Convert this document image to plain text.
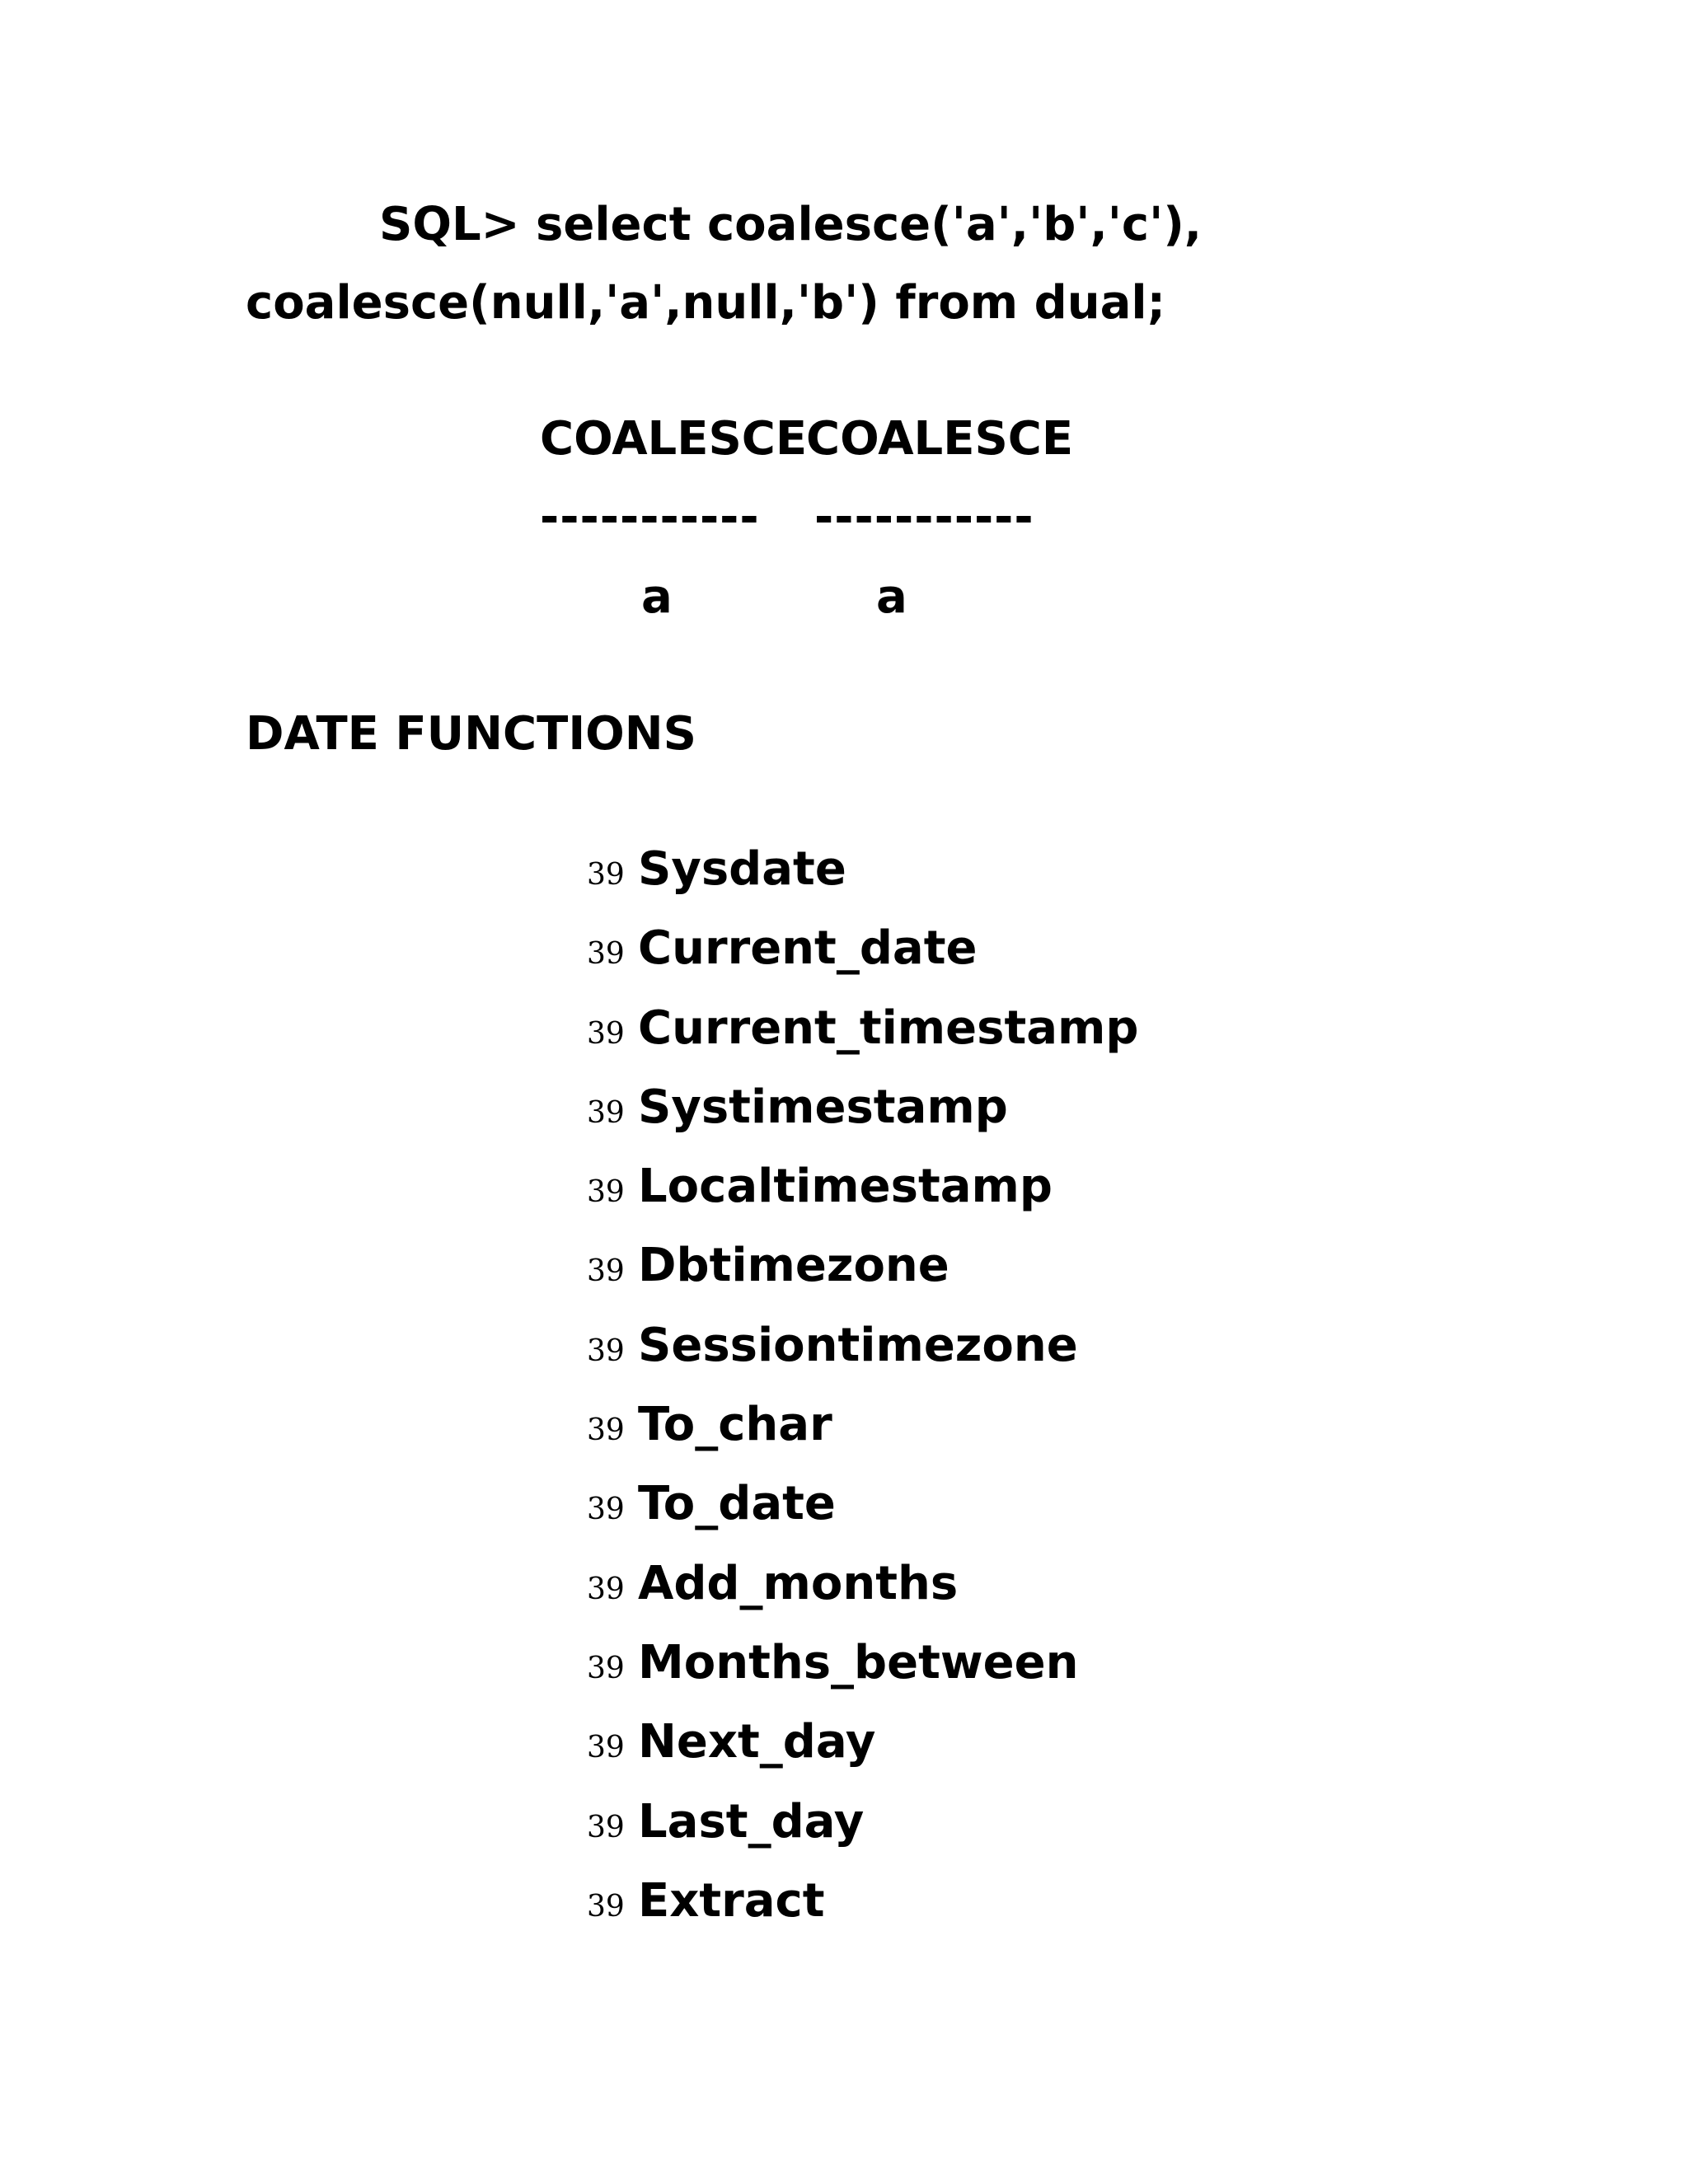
SQL> select coalesce('a','b','c'),
coalesce(null,'a',null,'b') from dual;
COALESCE
COALESCE
----------- -----------
a	a
DATE FUNCTIONS
39 Sysdate
39 Current_date
39 Current_timestamp
39 Systimestamp
39 Localtimestamp
39 Dbtimezone
39 Sessiontimezone
39 To_char
39 To_date
39 Add_months
39 Months_between
39 Next_day
39 Last_day
39 Extract
